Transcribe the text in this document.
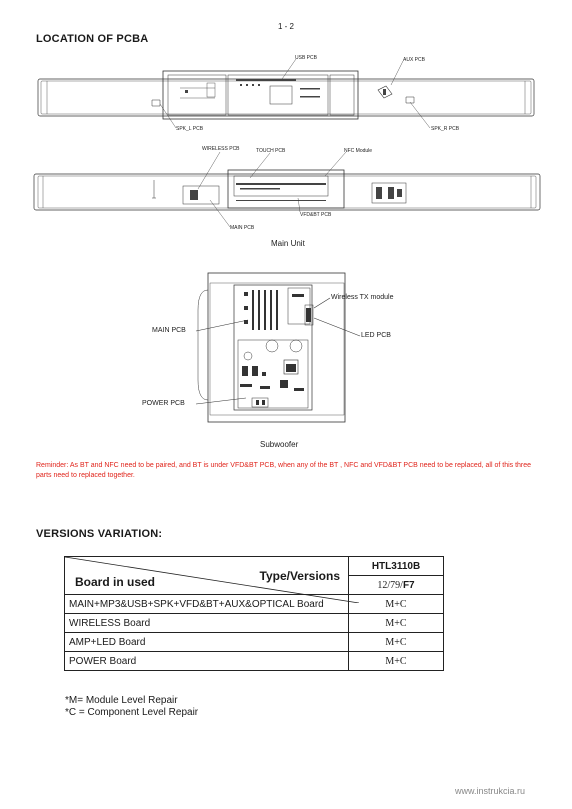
1 - 2
LOCATION OF PCBA
USB PCB	AUX PCB
SPK_L PCB	SPK_R PCB
WIRELESS PCB	TOUCH PCB	NFC Module
VFD&BT PCB
MAIN PCB
Main Unit
Wireless TX module
MAIN PCB
LED PCB
POWER PCB
Subwoofer
Reminder: As BT and NFC need to be paired, and BT is under VFD&BT PCB, when any of the BT , NFC and VFD&BT PCB need to be replaced, all of this three parts need to replaced together.
VERSIONS VARIATION:
Type/Versions
Board in used	HTL3110B
	12/79/F7
MAIN+MP3&USB+SPK+VFD&BT+AUX&OPTICAL Board	M+C
WIRELESS Board	M+C
AMP+LED Board	M+C
POWER Board	M+C
*M= Module Level Repair
*C = Component Level Repair
www.instrukcia.ru
